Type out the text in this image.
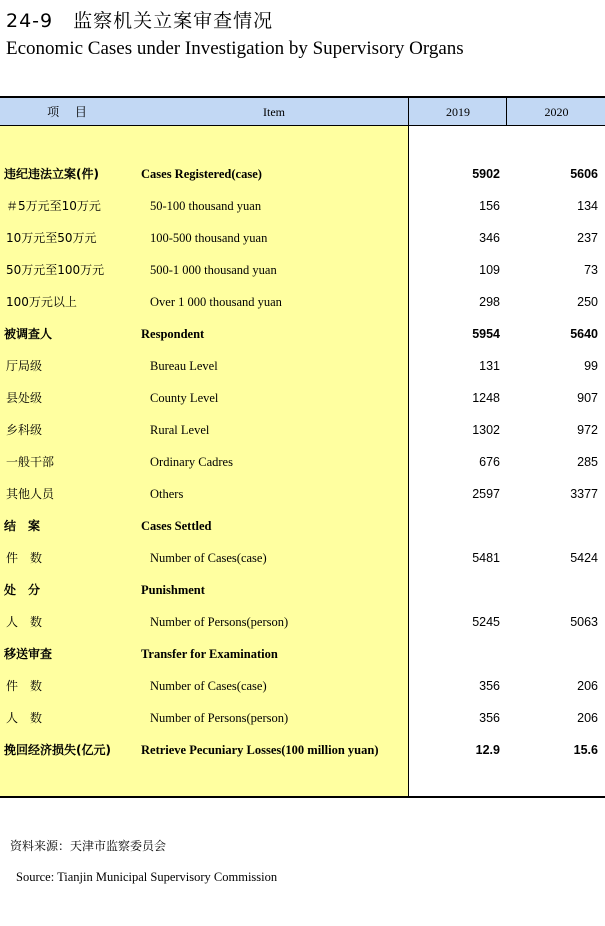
24-9　监察机关立案审查情况
Economic Cases under Investigation by Supervisory Organs
项 目	Item	2019	2020
违纪违法立案(件)	Cases Registered(case)	5902	5606
＃5万元至10万元	50-100 thousand yuan	156	134
10万元至50万元	100-500 thousand yuan	346	237
50万元至100万元	500-1 000 thousand yuan	109	73
100万元以上	Over 1 000 thousand yuan	298	250
被调查人	Respondent	5954	5640
厅局级	Bureau Level	131	99
县处级	County Level	1248	907
乡科级	Rural Level	1302	972
一般干部	Ordinary Cadres	676	285
其他人员	Others	2597	3377
结　案	Cases Settled
件　数	Number of Cases(case)	5481	5424
处　分	Punishment
人　数	Number of Persons(person)	5245	5063
移送审查	Transfer for Examination
件　数	Number of Cases(case)	356	206
人　数	Number of Persons(person)	356	206
挽回经济损失(亿元) Retrieve Pecuniary Losses(100 million yuan)	12.9	15.6
资料来源：天津市监察委员会
Source: Tianjin Municipal Supervisory Commission
